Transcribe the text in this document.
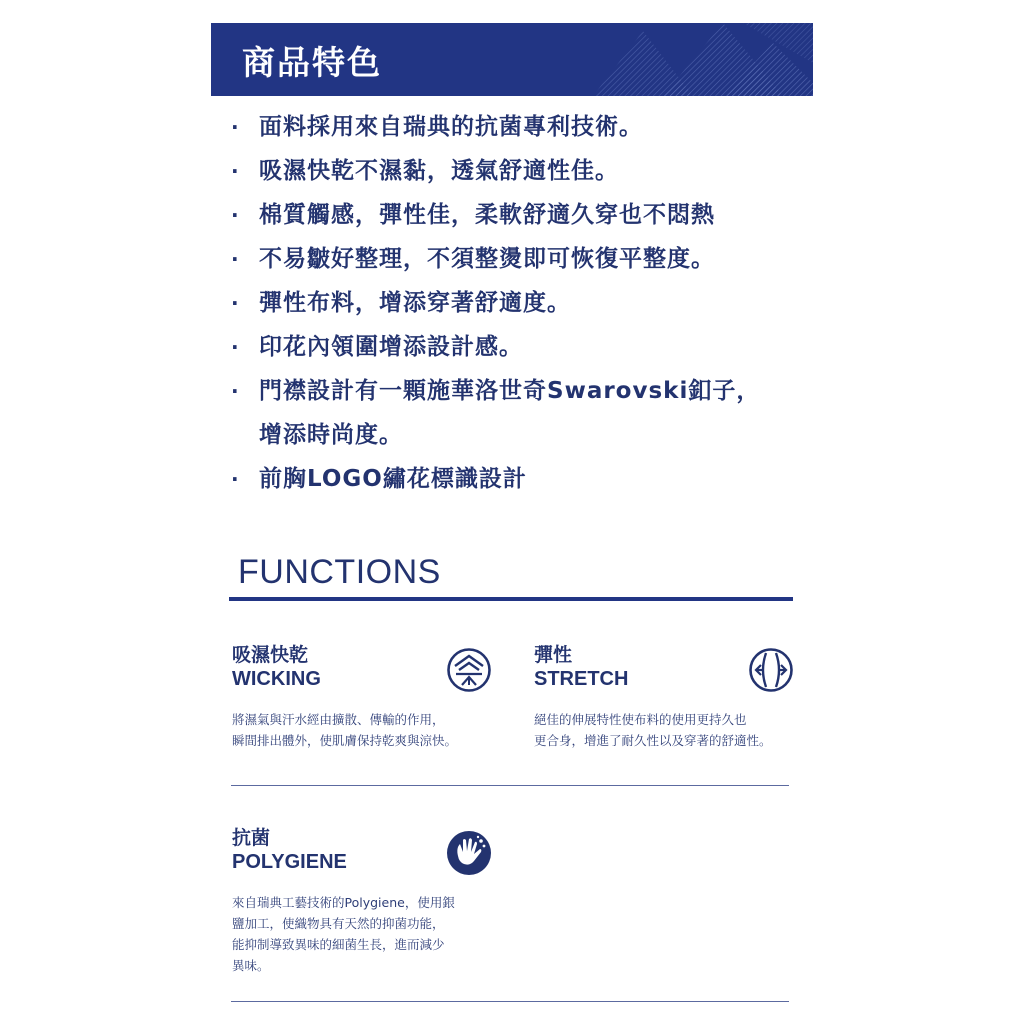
商品特色
· 面料採用來自瑞典的抗菌專利技術。
· 吸濕快乾不濕黏，透氣舒適性佳。
· 棉質觸感，彈性佳，柔軟舒適久穿也不悶熱
· 不易皺好整理，不須整燙即可恢復平整度。
· 彈性布料，增添穿著舒適度。
· 印花內領圍增添設計感。
· 門襟設計有一顆施華洛世奇Swarovski釦子，
增添時尚度。
· 前胸LOGO繡花標識設計
FUNCTIONS
吸濕快乾
WICKING
將濕氣與汗水經由擴散、傳輸的作用，
瞬間排出體外，使肌膚保持乾爽與涼快。
彈性
STRETCH
絕佳的伸展特性使布料的使用更持久也
更合身，增進了耐久性以及穿著的舒適性。
抗菌
POLYGIENE
來自瑞典工藝技術的Polygiene，使用銀
鹽加工，使織物具有天然的抑菌功能，
能抑制導致異味的細菌生長，進而減少
異味。
